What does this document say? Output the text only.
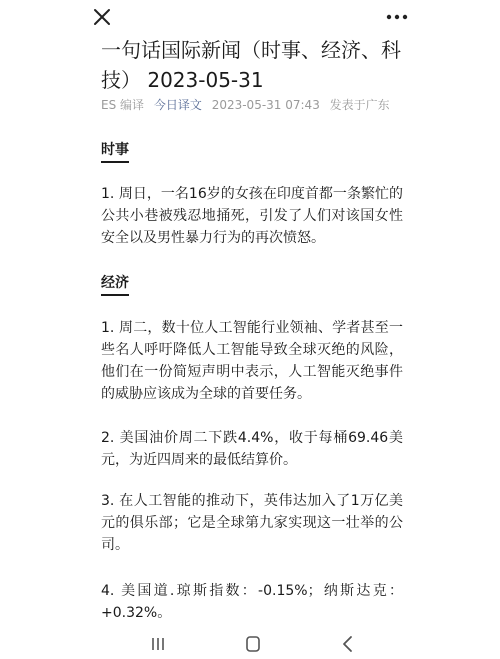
一句话国际新闻（时事、经济、科技） 2023-05-31
ES 编译 今日译文 2023-05-31 07:43 发表于广东
时事

1. 周日，一名16岁的女孩在印度首都一条繁忙的公共小巷被残忍地捅死，引发了人们对该国女性安全以及男性暴力行为的再次愤怒。

经济

1. 周二，数十位人工智能行业领袖、学者甚至一些名人呼吁降低人工智能导致全球灭绝的风险，他们在一份简短声明中表示，人工智能灭绝事件的威胁应该成为全球的首要任务。

2. 美国油价周二下跌4.4%，收于每桶69.46美元，为近四周来的最低结算价。

3. 在人工智能的推动下，英伟达加入了1万亿美元的俱乐部；它是全球第九家实现这一壮举的公司。

4. 美国道.琼斯指数：-0.15%；纳斯达克：+0.32%。
